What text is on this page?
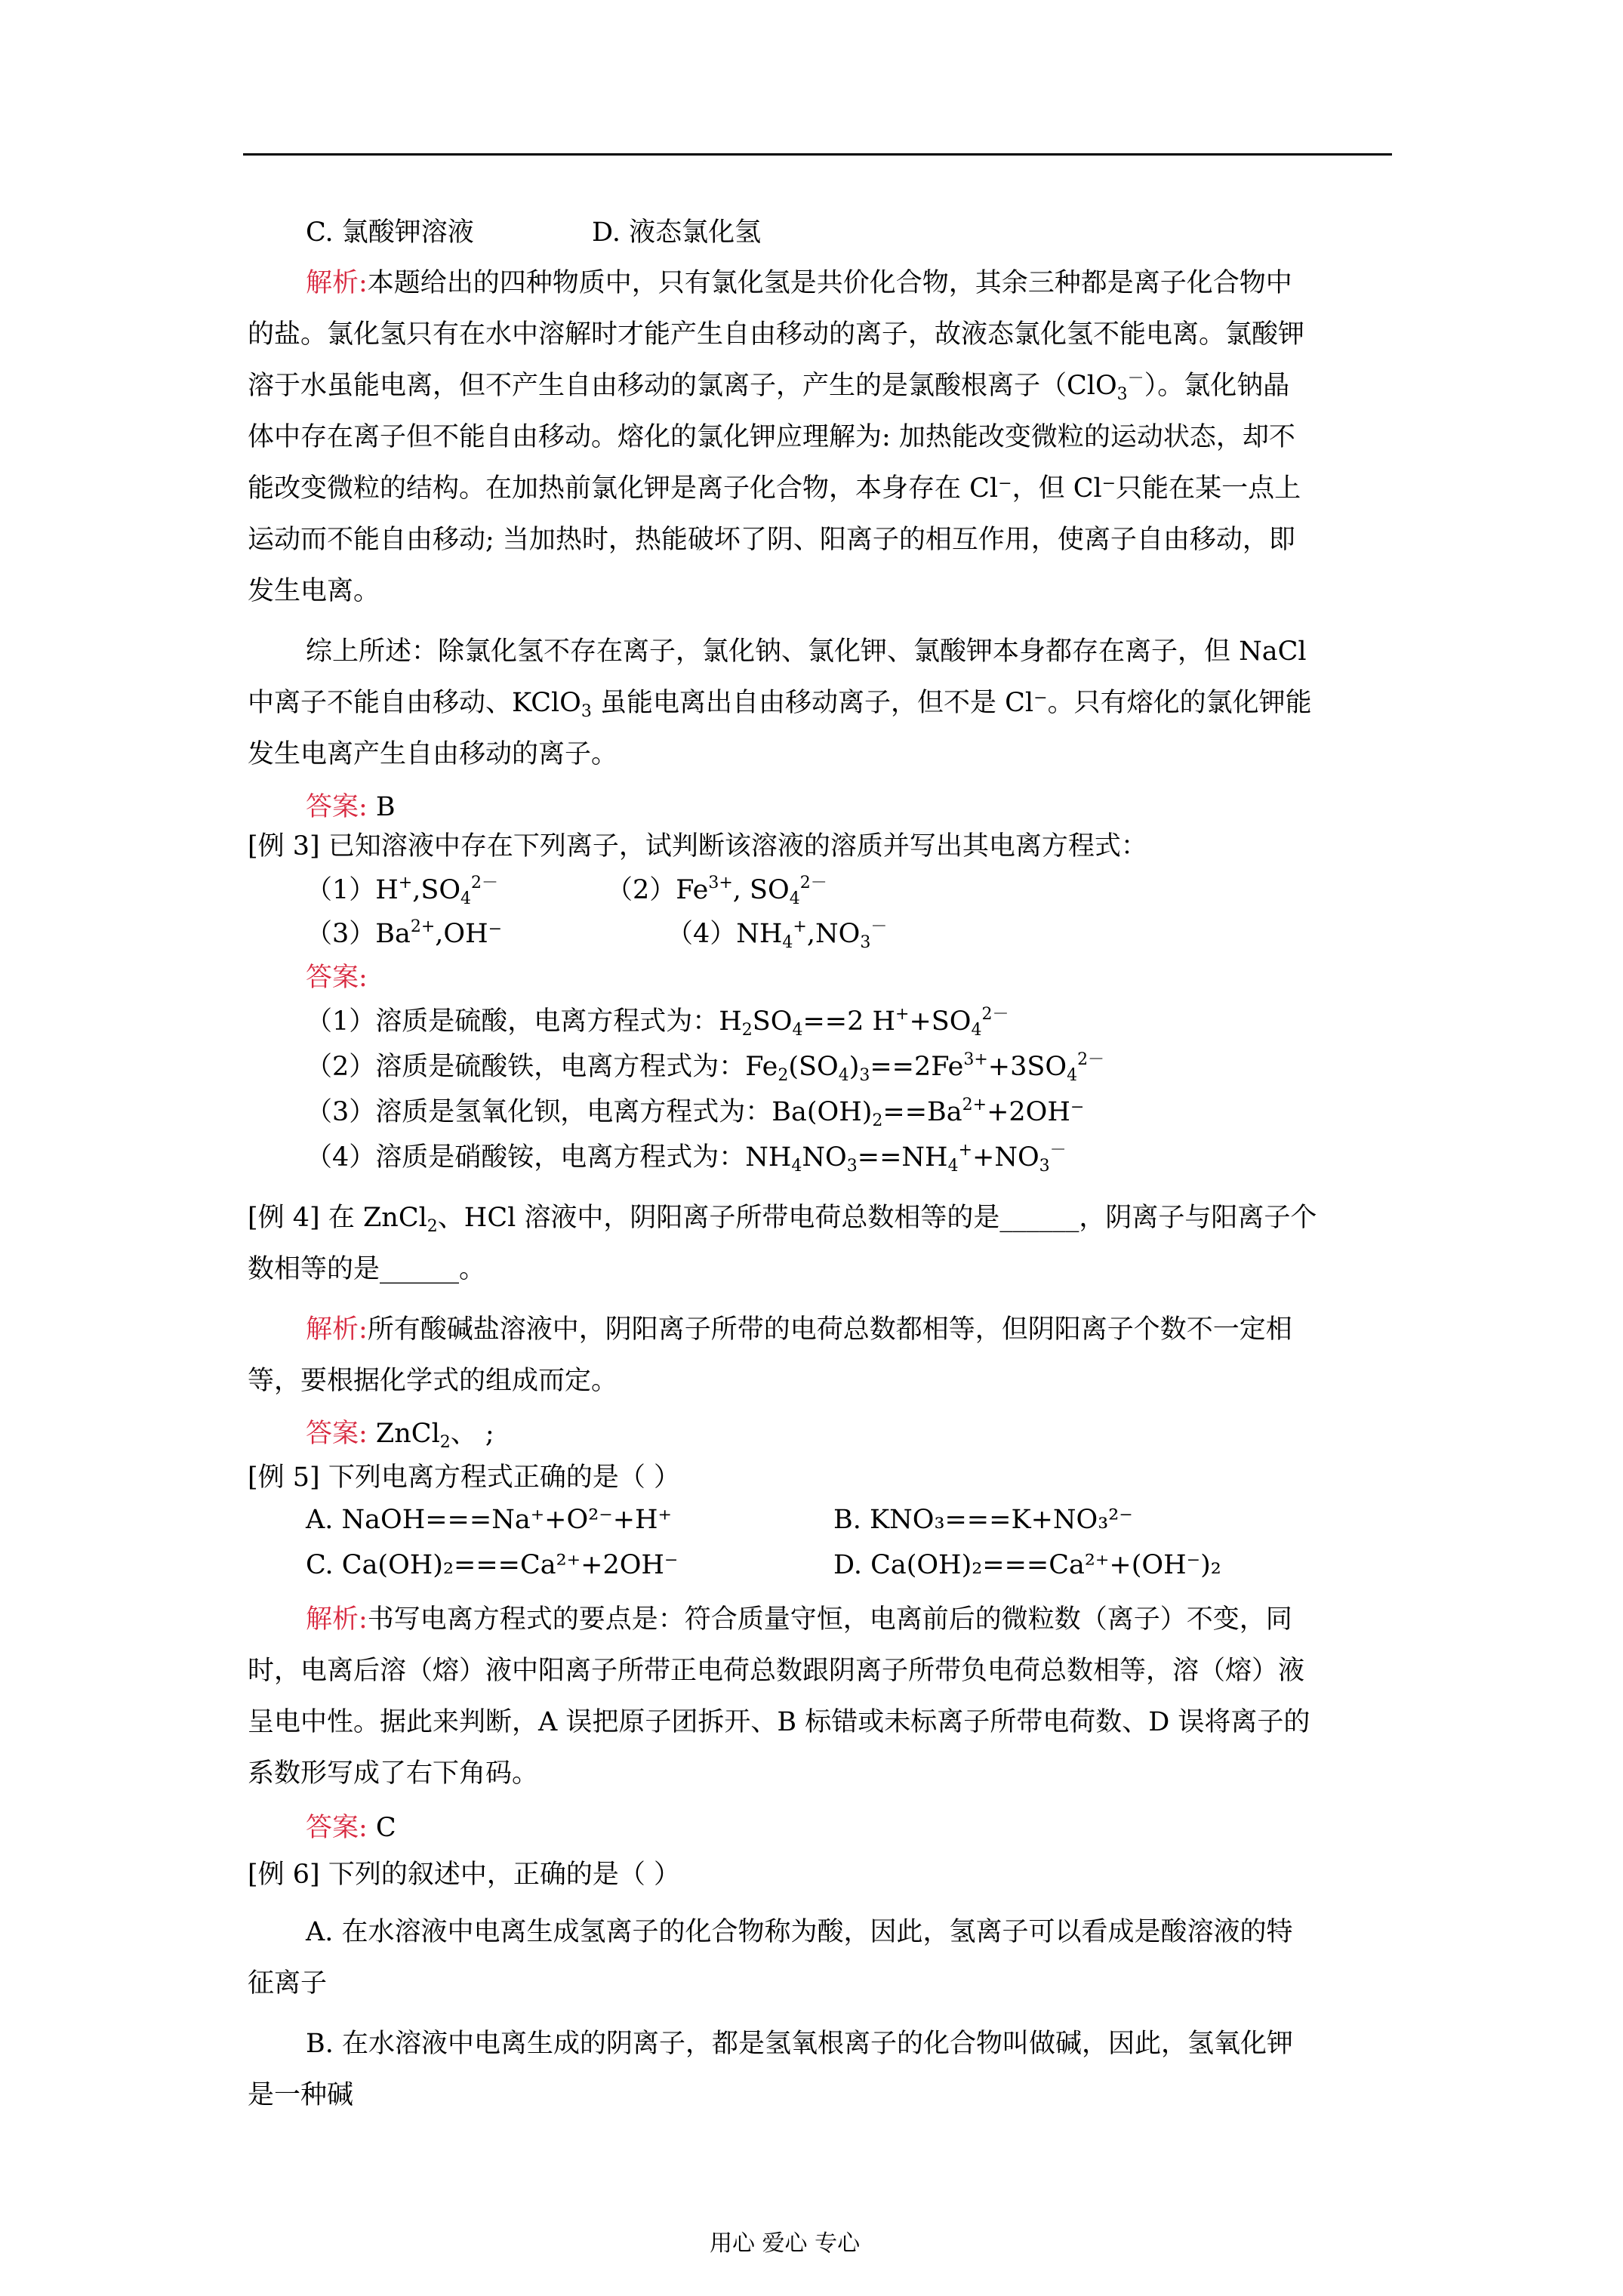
C. 氯酸钾溶液	D. 液态氯化氢
解析:本题给出的四种物质中，只有氯化氢是共价化合物，其余三种都是离子化合物中
的盐。氯化氢只有在水中溶解时才能产生自由移动的离子，故液态氯化氢不能电离。氯酸钾
溶于水虽能电离，但不产生自由移动的氯离子，产生的是氯酸根离子（ClO$_3$－）。氯化钠晶
体中存在离子但不能自由移动。熔化的氯化钾应理解为: 加热能改变微粒的运动状态，却不
能改变微粒的结构。在加热前氯化钾是离子化合物，本身存在 Cl⁻，但 Cl⁻只能在某一点上
运动而不能自由移动; 当加热时，热能破坏了阴、阳离子的相互作用，使离子自由移动，即
发生电离。
综上所述：除氯化氢不存在离子，氯化钠、氯化钾、氯酸钾本身都存在离子，但 NaCl
中离子不能自由移动、KClO$_3$ 虽能电离出自由移动离子，但不是 Cl⁻。只有熔化的氯化钾能
发生电离产生自由移动的离子。
答案: B
[例 3] 已知溶液中存在下列离子，试判断该溶液的溶质并写出其电离方程式：
$(1)H^+,SO_4^{2-}$	$(2)Fe^{3+}$, $SO_4^{2-}$
$(3)Ba^{2+},OH^-$	$(4)NH_4^+,NO_3^-$
答案:
（1）溶质是硫酸，电离方程式为：$H_2SO_4==2$ $H^++SO_4^{2-}$
（2）溶质是硫酸铁，电离方程式为：$Fe_2(SO_4)_3==2Fe^{3+}+3SO_4^{2-}$
（3）溶质是氢氧化钡，电离方程式为：$Ba(OH)_2==Ba^{2+}+2OH^-$
（4）溶质是硝酸铵，电离方程式为：$NH_4NO_3==NH_4^++NO_3^-$
[例 4] 在 ZnCl$_2$、HCl 溶液中，阴阳离子所带电荷总数相等的是______，阴离子与阳离子个
数相等的是______。
解析:所有酸碱盐溶液中，阴阳离子所带的电荷总数都相等，但阴阳离子个数不一定相
等，要根据化学式的组成而定。
答案: ZnCl$_2$、 ;
[例 5] 下列电离方程式正确的是（ ）
A. NaOH===Na⁺+O²⁻+H⁺	B. KNO₃===K+NO₃²⁻
C. Ca(OH)₂===Ca²⁺+2OH⁻	D. Ca(OH)₂===Ca²⁺+(OH⁻)₂
解析:书写电离方程式的要点是：符合质量守恒，电离前后的微粒数（离子）不变，同
时，电离后溶（熔）液中阳离子所带正电荷总数跟阴离子所带负电荷总数相等，溶（熔）液
呈电中性。据此来判断，A 误把原子团拆开、B 标错或未标离子所带电荷数、D 误将离子的
系数形写成了右下角码。
答案: C
[例 6] 下列的叙述中，正确的是（ ）
A. 在水溶液中电离生成氢离子的化合物称为酸，因此，氢离子可以看成是酸溶液的特
征离子
B. 在水溶液中电离生成的阴离子，都是氢氧根离子的化合物叫做碱，因此，氢氧化钾
是一种碱
用心 爱心 专心
